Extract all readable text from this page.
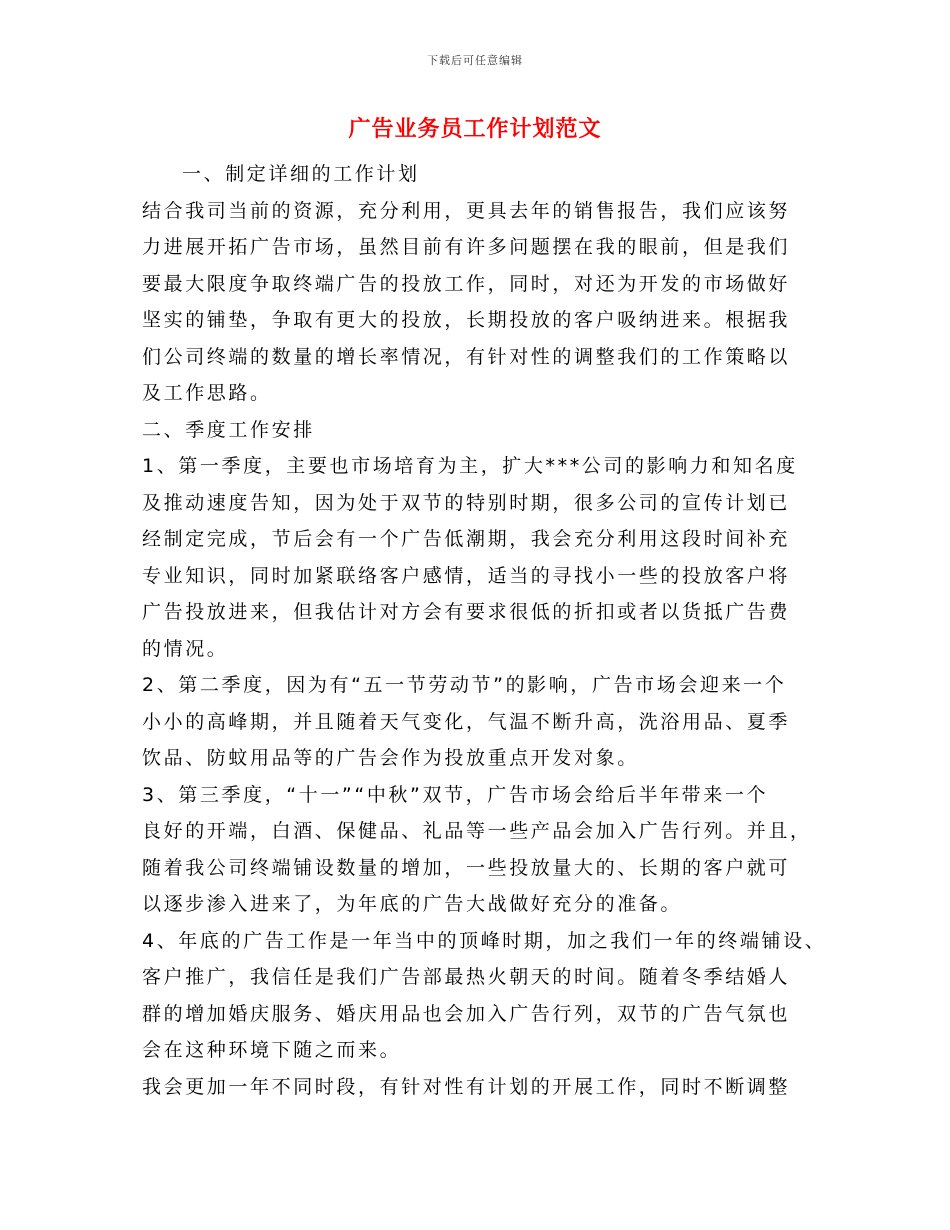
下载后可任意编辑
广告业务员工作计划范文
一、制定详细的工作计划
结合我司当前的资源，充分利用，更具去年的销售报告，我们应该努
力进展开拓广告市场，虽然目前有许多问题摆在我的眼前，但是我们
要最大限度争取终端广告的投放工作，同时，对还为开发的市场做好
坚实的铺垫，争取有更大的投放，长期投放的客户吸纳进来。根据我
们公司终端的数量的增长率情况，有针对性的调整我们的工作策略以
及工作思路。
二、季度工作安排
1、第一季度，主要也市场培育为主，扩大***公司的影响力和知名度
及推动速度告知，因为处于双节的特别时期，很多公司的宣传计划已
经制定完成，节后会有一个广告低潮期，我会充分利用这段时间补充
专业知识，同时加紧联络客户感情，适当的寻找小一些的投放客户将
广告投放进来，但我估计对方会有要求很低的折扣或者以货抵广告费
的情况。
2、第二季度，因为有“五一节劳动节”的影响，广告市场会迎来一个
小小的高峰期，并且随着天气变化，气温不断升高，洗浴用品、夏季
饮品、防蚊用品等的广告会作为投放重点开发对象。
3、第三季度，“十一”“中秋”双节，广告市场会给后半年带来一个
良好的开端，白酒、保健品、礼品等一些产品会加入广告行列。并且，
随着我公司终端铺设数量的增加，一些投放量大的、长期的客户就可
以逐步渗入进来了，为年底的广告大战做好充分的准备。
4、年底的广告工作是一年当中的顶峰时期，加之我们一年的终端铺设、
客户推广，我信任是我们广告部最热火朝天的时间。随着冬季结婚人
群的增加婚庆服务、婚庆用品也会加入广告行列，双节的广告气氛也
会在这种环境下随之而来。
我会更加一年不同时段，有针对性有计划的开展工作，同时不断调整
